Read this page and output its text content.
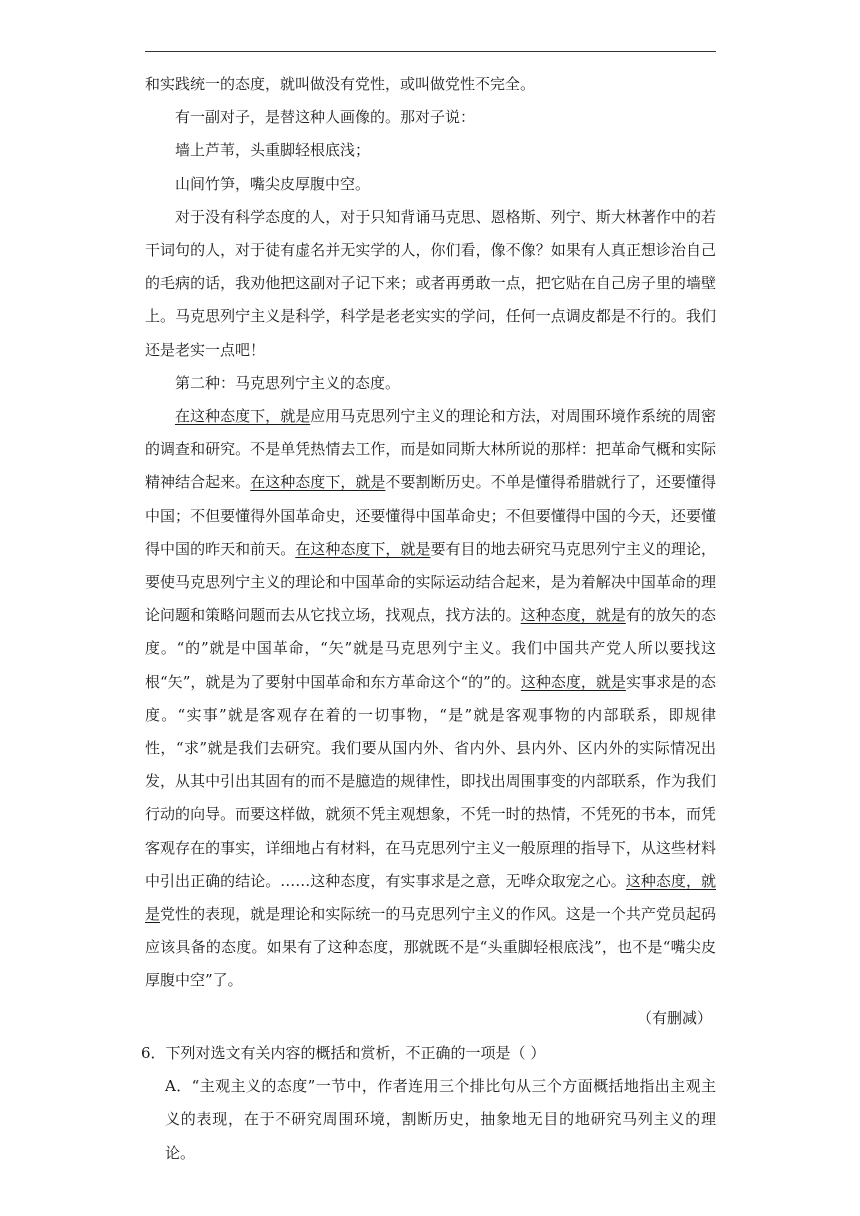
和实践统一的态度，就叫做没有党性，或叫做党性不完全。

有一副对子，是替这种人画像的。那对子说：

墙上芦苇，头重脚轻根底浅；

山间竹笋，嘴尖皮厚腹中空。

对于没有科学态度的人，对于只知背诵马克思、恩格斯、列宁、斯大林著作中的若干词句的人，对于徒有虚名并无实学的人，你们看，像不像？如果有人真正想诊治自己的毛病的话，我劝他把这副对子记下来；或者再勇敢一点，把它贴在自己房子里的墙壁上。马克思列宁主义是科学，科学是老老实实的学问，任何一点调皮都是不行的。我们还是老实一点吧！

第二种：马克思列宁主义的态度。

在这种态度下，就是应用马克思列宁主义的理论和方法，对周围环境作系统的周密的调查和研究。不是单凭热情去工作，而是如同斯大林所说的那样：把革命气概和实际精神结合起来。在这种态度下，就是不要割断历史。不单是懂得希腊就行了，还要懂得中国；不但要懂得外国革命史，还要懂得中国革命史；不但要懂得中国的今天，还要懂得中国的昨天和前天。在这种态度下，就是要有目的地去研究马克思列宁主义的理论，要使马克思列宁主义的理论和中国革命的实际运动结合起来，是为着解决中国革命的理论问题和策略问题而去从它找立场，找观点，找方法的。这种态度，就是有的放矢的态度。“的”就是中国革命，“矢”就是马克思列宁主义。我们中国共产党人所以要找这根“矢”，就是为了要射中国革命和东方革命这个“的”的。这种态度，就是实事求是的态度。“实事”就是客观存在着的一切事物，“是”就是客观事物的内部联系，即规律性，“求”就是我们去研究。我们要从国内外、省内外、县内外、区内外的实际情况出发，从其中引出其固有的而不是臆造的规律性，即找出周围事变的内部联系，作为我们行动的向导。而要这样做，就须不凭主观想象，不凭一时的热情，不凭死的书本，而凭客观存在的事实，详细地占有材料，在马克思列宁主义一般原理的指导下，从这些材料中引出正确的结论。……这种态度，有实事求是之意，无哗众取宠之心。这种态度，就是党性的表现，就是理论和实际统一的马克思列宁主义的作风。这是一个共产党员起码应该具备的态度。如果有了这种态度，那就既不是“头重脚轻根底浅”，也不是“嘴尖皮厚腹中空”了。

（有删减）

6．下列对选文有关内容的概括和赏析，不正确的一项是（ ）

A．“主观主义的态度”一节中，作者连用三个排比句从三个方面概括地指出主观主义的表现，在于不研究周围环境，割断历史，抽象地无目的地研究马列主义的理论。
